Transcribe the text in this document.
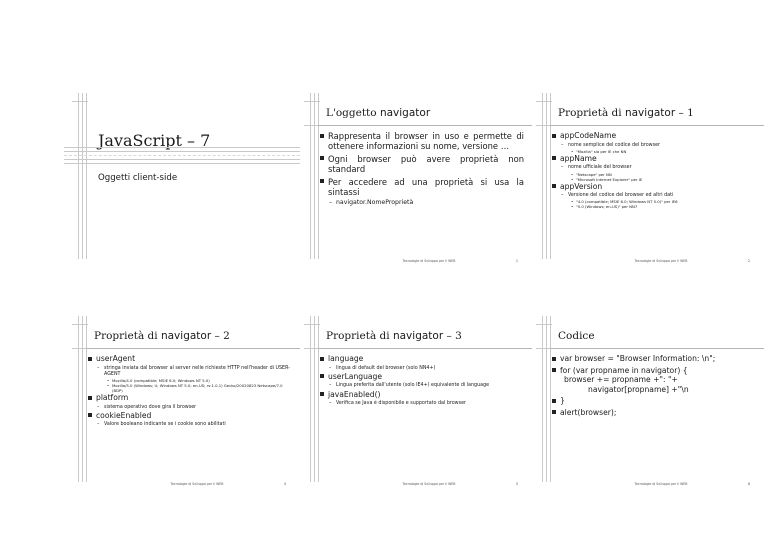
JavaScript – 7
Oggetti client-side
L'oggetto navigator
Rappresenta il browser in uso e permette di ottenere informazioni su nome, versione …
Ogni browser può avere proprietà non standard
Per accedere ad una proprietà si usa la sintassi
– navigator.NomeProprietà
Tecnologie di Sviluppo per il WEB	1
Proprietà di navigator – 1
appCodeName
– nome semplice del codice del browser
• "Mozilla" sia per IE che NN
appName
– nome ufficiale del browser
• "Netscape" per NN
• "Microsoft Internet Explorer" per IE
appVersion
– Versione del codice del browser ed altri dati
• "4.0 (compatible; MSIE 6.0; Windows NT 5.0)" per IE6
• "5.0 (Windows; en-US)" per NN7
Tecnologie di Sviluppo per il WEB	2
Proprietà di navigator – 2
userAgent
– stringa inviata dal browser al server nelle richieste HTTP nell'header di USER-AGENT
• Mozilla/4.0 (compatible; MSIE 6.0; Windows NT 5.0)
• Mozilla/5.0 (Windows; U; Windows NT 5.0; en-US; rv:1.0.1) Gecko/20020823 Netscape/7.0 (BDP)
platform
– sistema operativo dove gira il browser
cookieEnabled
– Valore booleano indicante se i cookie sono abilitati
Tecnologie di Sviluppo per il WEB	4
Proprietà di navigator – 3
language
– lingua di default del browser (solo NN4+)
userLanguage
– Lingua preferita dall'utente (solo IE4+) equivalente di language
javaEnabled()
– Verifica se Java è disponibile e supportato dal browser
Tecnologie di Sviluppo per il WEB	5
Codice
var browser = "Browser Information: \n";
for (var propname in navigator) {
browser += propname +": "+
navigator[propname] +"\n
}
alert(browser);
Tecnologie di Sviluppo per il WEB	6
